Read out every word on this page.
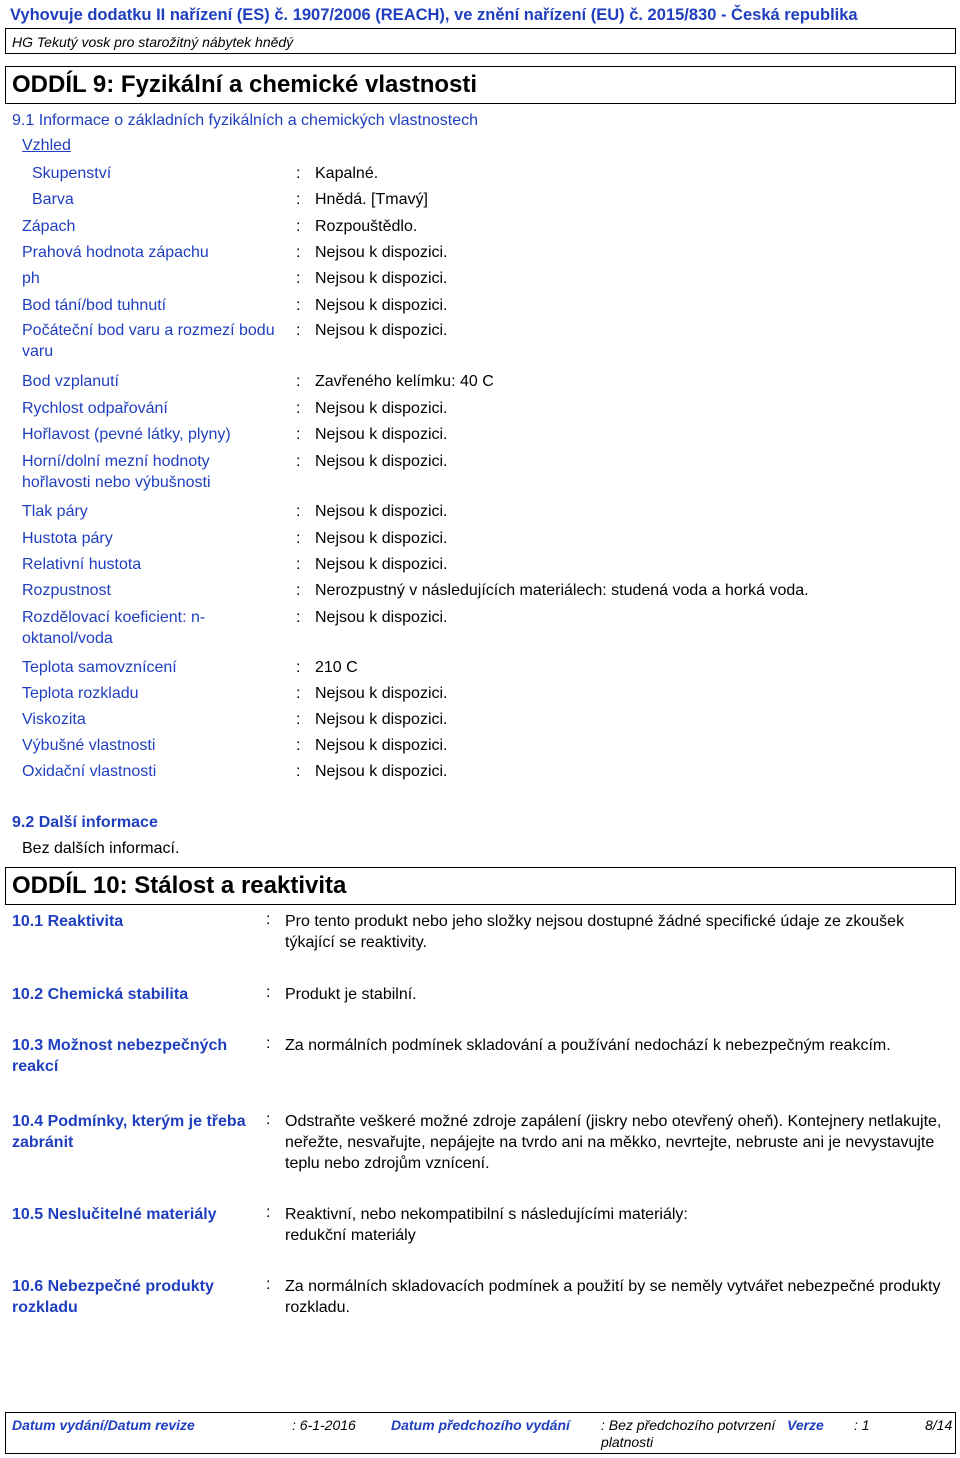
Vyhovuje dodatku II nařízení (ES) č. 1907/2006 (REACH), ve znění nařízení (EU) č. 2015/830 - Česká republika
HG Tekutý vosk pro starožitný nábytek hnědý
ODDÍL 9: Fyzikální a chemické vlastnosti
9.1 Informace o základních fyzikálních a chemických vlastnostech
Vzhled
Skupenství	: Kapalné.
Barva	: Hnědá. [Tmavý]
Zápach	: Rozpouštědlo.
Prahová hodnota zápachu	: Nejsou k dispozici.
ph	: Nejsou k dispozici.
Bod tání/bod tuhnutí	: Nejsou k dispozici.
Počáteční bod varu a rozmezí bodu varu
: Nejsou k dispozici.
Bod vzplanutí	: Zavřeného kelímku: 40 C
Rychlost odpařování	: Nejsou k dispozici.
Hořlavost (pevné látky, plyny)	: Nejsou k dispozici.
Horní/dolní mezní hodnoty hořlavosti nebo výbušnosti
: Nejsou k dispozici.
Tlak páry	: Nejsou k dispozici.
Hustota páry	: Nejsou k dispozici.
Relativní hustota	: Nejsou k dispozici.
Rozpustnost	: Nerozpustný v následujících materiálech: studená voda a horká voda.
Rozdělovací koeficient: n-oktanol/voda
: Nejsou k dispozici.
Teplota samovznícení	: 210 C
Teplota rozkladu	: Nejsou k dispozici.
Viskozita	: Nejsou k dispozici.
Výbušné vlastnosti	: Nejsou k dispozici.
Oxidační vlastnosti	: Nejsou k dispozici.
9.2 Další informace
Bez dalších informací.
ODDÍL 10: Stálost a reaktivita
10.1 Reaktivita	: Pro tento produkt nebo jeho složky nejsou dostupné žádné specifické údaje ze zkoušek týkající se reaktivity.
10.2 Chemická stabilita	: Produkt je stabilní.
10.3 Možnost nebezpečných reakcí
: Za normálních podmínek skladování a používání nedochází k nebezpečným reakcím.
10.4 Podmínky, kterým je třeba zabránit
: Odstraňte veškeré možné zdroje zapálení (jiskry nebo otevřený oheň). Kontejnery netlakujte, neřežte, nesvařujte, nepájejte na tvrdo ani na měkko, nevrtejte, nebruste ani je nevystavujte teplu nebo zdrojům vznícení.
10.5 Neslučitelné materiály	: Reaktivní, nebo nekompatibilní s následujícími materiály:
redukční materiály
10.6 Nebezpečné produkty rozkladu
: Za normálních skladovacích podmínek a použití by se neměly vytvářet nebezpečné produkty rozkladu.
Datum vydání/Datum revize	: 6-1-2016	Datum předchozího vydání : Bez předchozího potvrzení platnosti
Verze : 1	8/14
